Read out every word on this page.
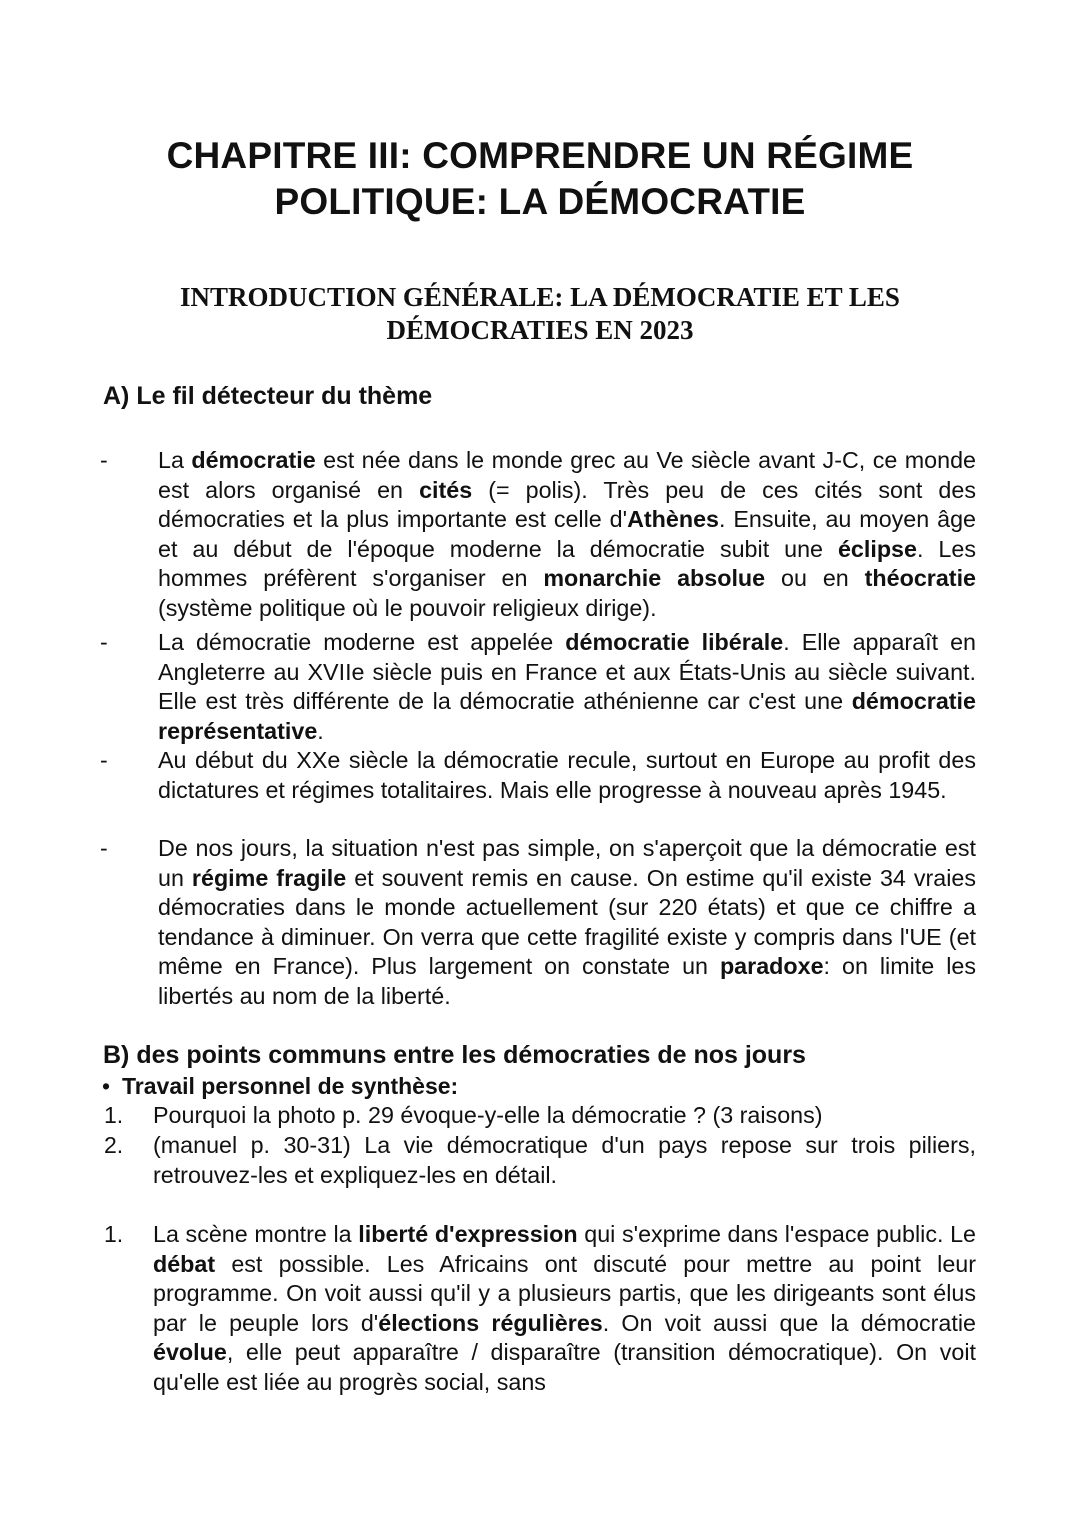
CHAPITRE III: COMPRENDRE UN RÉGIME POLITIQUE: LA DÉMOCRATIE
INTRODUCTION GÉNÉRALE: LA DÉMOCRATIE ET LES DÉMOCRATIES EN 2023
A) Le fil détecteur du thème
- La démocratie est née dans le monde grec au Ve siècle avant J-C, ce monde est alors organisé en cités (= polis). Très peu de ces cités sont des démocraties et la plus importante est celle d'Athènes. Ensuite, au moyen âge et au début de l'époque moderne la démocratie subit une éclipse. Les hommes préfèrent s'organiser en monarchie absolue ou en théocratie (système politique où le pouvoir religieux dirige).

- La démocratie moderne est appelée démocratie libérale. Elle apparaît en Angleterre au XVIIe siècle puis en France et aux États-Unis au siècle suivant. Elle est très différente de la démocratie athénienne car c'est une démocratie représentative.

- Au début du XXe siècle la démocratie recule, surtout en Europe au profit des dictatures et régimes totalitaires. Mais elle progresse à nouveau après 1945.

- De nos jours, la situation n'est pas simple, on s'aperçoit que la démocratie est un régime fragile et souvent remis en cause. On estime qu'il existe 34 vraies démocraties dans le monde actuellement (sur 220 états) et que ce chiffre a tendance à diminuer. On verra que cette fragilité existe y compris dans l'UE (et même en France). Plus largement on constate un paradoxe: on limite les libertés au nom de la liberté.

B) des points communs entre les démocraties de nos jours
• Travail personnel de synthèse:
1. Pourquoi la photo p. 29 évoque-y-elle la démocratie ? (3 raisons)

2. (manuel p. 30-31) La vie démocratique d'un pays repose sur trois piliers, retrouvez-les et expliquez-les en détail.

1. La scène montre la liberté d'expression qui s'exprime dans l'espace public. Le débat est possible. Les Africains ont discuté pour mettre au point leur programme. On voit aussi qu'il y a plusieurs partis, que les dirigeants sont élus par le peuple lors d'élections régulières. On voit aussi que la démocratie évolue, elle peut apparaître / disparaître (transition démocratique). On voit qu'elle est liée au progrès social, sans
